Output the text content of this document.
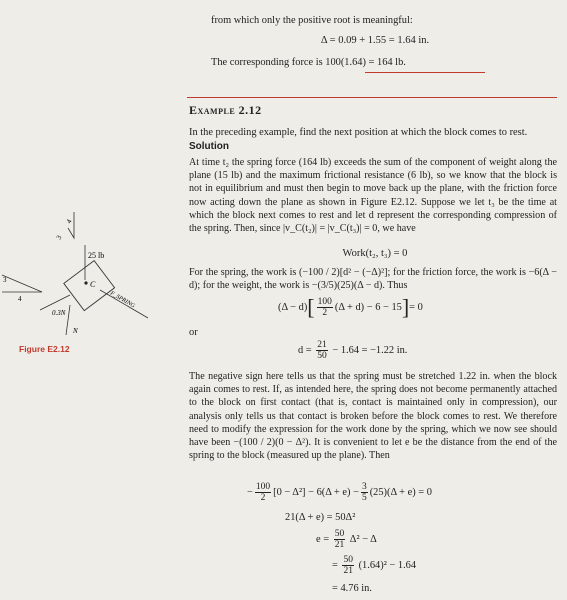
from which only the positive root is meaningful:
Δ = 0.09 + 1.55 = 1.64 in.
The corresponding force is 100(1.64) = 164 lb.
Example 2.12
In the preceding example, find the next position at which the block comes to rest.
Solution

At time t₂ the spring force (164 lb) exceeds the sum of the component of weight along the plane (15 lb) and the maximum frictional resistance (6 lb), so we know that the block is not in equilibrium and must then begin to move back up the plane, with the friction force now acting down the plane as shown in Figure E2.12. Suppose we let t₃ be the time at which the block next comes to rest and let d represent the corresponding compression of the spring. Then, since |v_C(t₂)| = |v_C(t₃)| = 0, we have

Work(t₂, t₃) = 0

For the spring, the work is (−100 / 2)[d² − (−Δ)²]; for the friction force, the work is −6(Δ − d); for the weight, the work is −(3/5)(25)(Δ − d). Thus

$(\Delta - d)[ \frac{100}{2} (\Delta + d) - 6 - 15]= 0$
or
$d = \frac{21}{50} - 1.64 = -1.22$ in.

The negative sign here tells us that the spring must be stretched 1.22 in. when the block again comes to rest. If, as intended here, the spring does not become permanently attached to the block on first contact (that is, contact is maintained only in compression), our analysis only tells us that contact is broken before the block comes to rest. We therefore need to modify the expression for the work done by the spring, which we now see should have been −(100 / 2)(0 − Δ²). It is convenient to let e be the distance from the end of the spring to the block (measured up the plane). Then

− $\frac{100}{2} [0 - \Delta^2] - 6(\Delta + e) - \frac{3}{5} (25)(\Delta + e) = 0$
21(Δ + e) = 50Δ²
$e = \frac{50}{21} \Delta^2 - \Delta$
= $\frac{50}{21} (1.64)^2 - 1.64$
= 4.76 in.
4
3
25 lb
C
F_SPRING
3
4
0.3N
N
Figure E2.12
